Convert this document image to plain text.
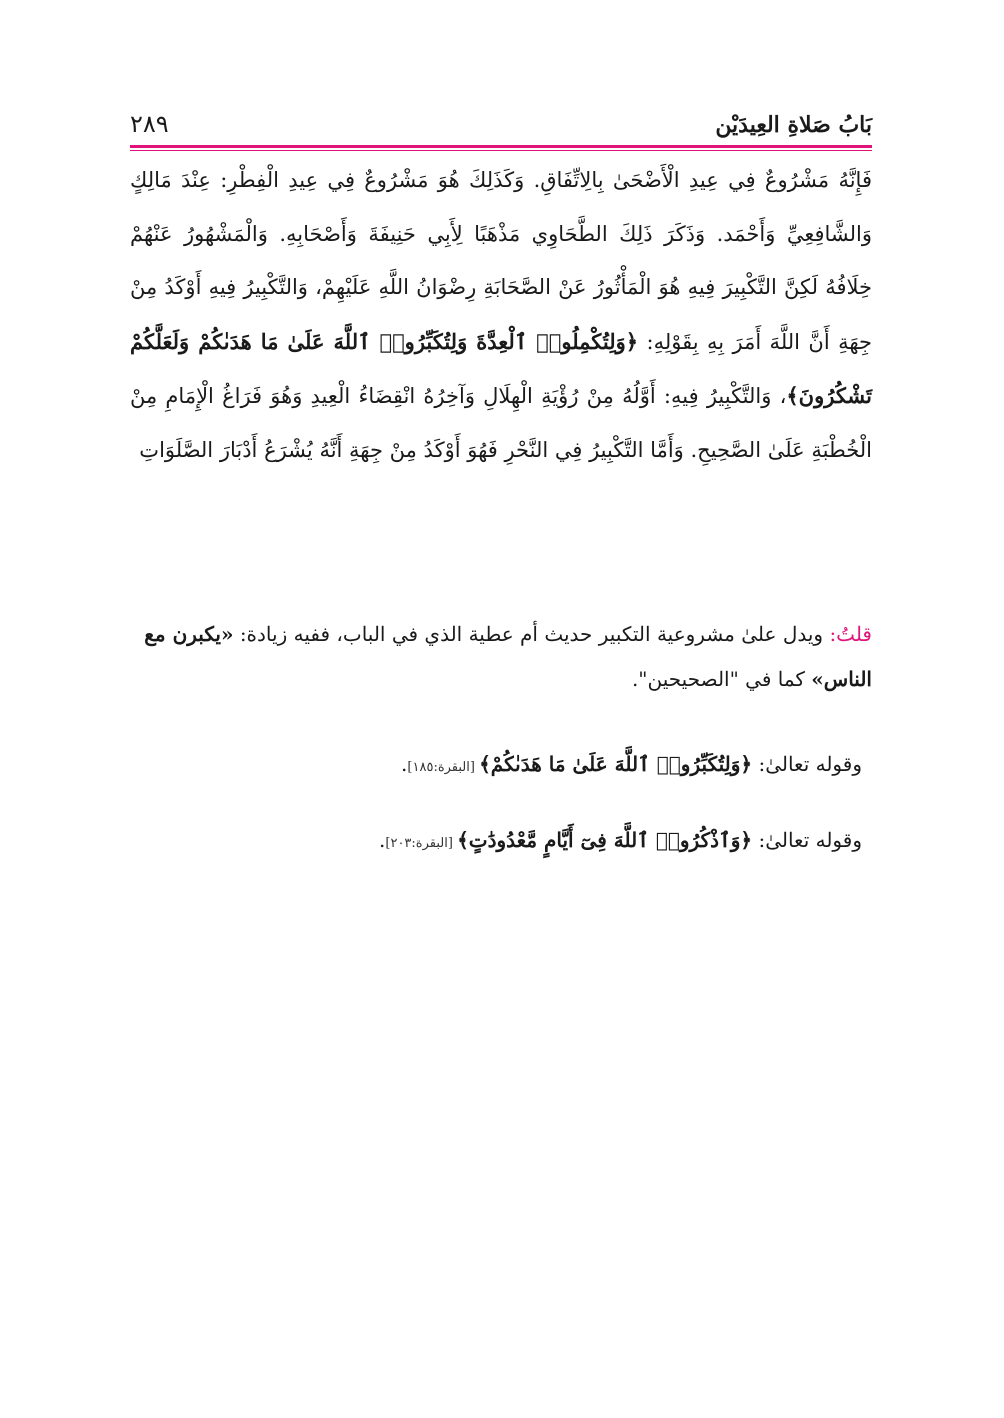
٢٨٩	بَابُ صَلاةِ العِيدَيْن

فَإِنَّهُ مَشْرُوعٌ فِي عِيدِ الْأَضْحَىٰ بِالِاتِّفَاقِ. وَكَذَلِكَ هُوَ مَشْرُوعٌ فِي عِيدِ الْفِطْرِ: عِنْدَ مَالِكٍ وَالشَّافِعِيِّ وَأَحْمَد. وَذَكَرَ ذَلِكَ الطَّحَاوِي مَذْهَبًا لِأَبِي حَنِيفَةَ وَأَصْحَابِهِ. وَالْمَشْهُورُ عَنْهُمْ خِلَافُهُ لَكِنَّ التَّكْبِيرَ فِيهِ هُوَ الْمَأْثُورُ عَنْ الصَّحَابَةِ رِضْوَانُ اللَّهِ عَلَيْهِمْ، وَالتَّكْبِيرُ فِيهِ أَوْكَدُ مِنْ جِهَةِ أَنَّ اللَّهَ أَمَرَ بِهِ بِقَوْلِهِ: ﴿وَلِتُكْمِلُوا۟ ٱلْعِدَّةَ وَلِتُكَبِّرُوا۟ ٱللَّهَ عَلَىٰ مَا هَدَىٰكُمْ وَلَعَلَّكُمْ تَشْكُرُونَ﴾، وَالتَّكْبِيرُ فِيهِ: أَوَّلُهُ مِنْ رُؤْيَةِ الْهِلَالِ وَآخِرُهُ انْقِضَاءُ الْعِيدِ وَهُوَ فَرَاغُ الْإِمَامِ مِنْ الْخُطْبَةِ عَلَىٰ الصَّحِيحِ. وَأَمَّا التَّكْبِيرُ فِي النَّحْرِ فَهُوَ أَوْكَدُ مِنْ جِهَةِ أَنَّهُ يُشْرَعُ أَدْبَارَ الصَّلَوَاتِ

قلتُ: ويدل علىٰ مشروعية التكبير حديث أم عطية الذي في الباب، ففيه زيادة: «يكبرن مع الناس» كما في "الصحيحين".

وقوله تعالىٰ: ﴿وَلِتُكَبِّرُوا۟ ٱللَّهَ عَلَىٰ مَا هَدَىٰكُمْ﴾ [البقرة:١٨٥].
وقوله تعالىٰ: ﴿وَٱذْكُرُوا۟ ٱللَّهَ فِىٓ أَيَّامٍ مَّعْدُودَٰتٍ﴾ [البقرة:٢٠٣].
